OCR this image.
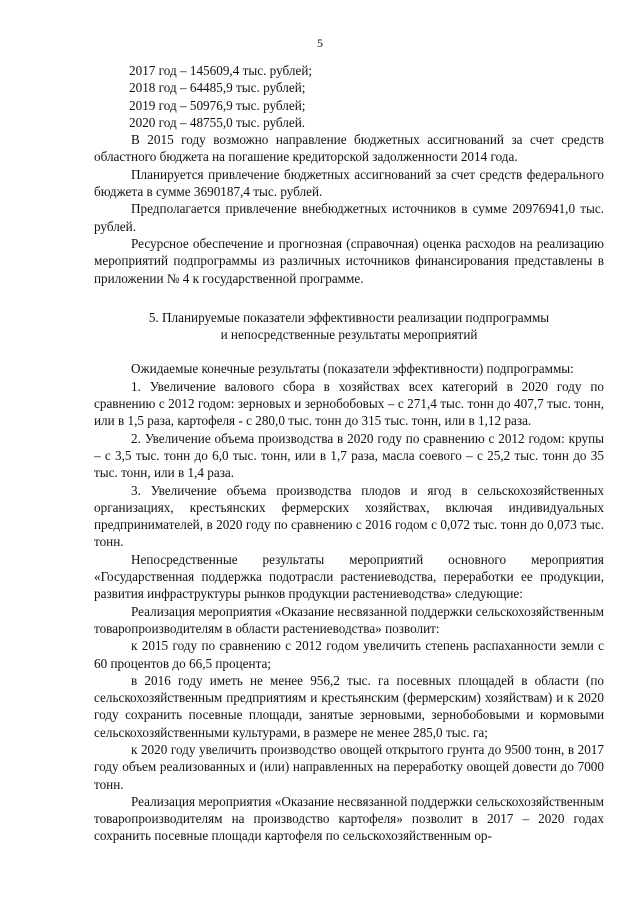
5
2017 год – 145609,4 тыс. рублей;
2018 год – 64485,9 тыс. рублей;
2019 год – 50976,9 тыс. рублей;
2020 год – 48755,0 тыс. рублей.

В 2015 году возможно направление бюджетных ассигнований за счет средств областного бюджета на погашение кредиторской задолженности 2014 года.

Планируется привлечение бюджетных ассигнований за счет средств федерального бюджета в сумме 3690187,4 тыс. рублей.

Предполагается привлечение внебюджетных источников в сумме 20976941,0 тыс. рублей.

Ресурсное обеспечение и прогнозная (справочная) оценка расходов на реализацию мероприятий подпрограммы из различных источников финансирования представлены в приложении № 4 к государственной программе.

5. Планируемые показатели эффективности реализации подпрограммы
и непосредственные результаты мероприятий

Ожидаемые конечные результаты (показатели эффективности) подпрограммы:

1. Увеличение валового сбора в хозяйствах всех категорий в 2020 году по сравнению с 2012 годом: зерновых и зернобобовых – с 271,4 тыс. тонн до 407,7 тыс. тонн, или в 1,5 раза, картофеля - с 280,0 тыс. тонн до 315 тыс. тонн, или в 1,12 раза.

2. Увеличение объема производства в 2020 году по сравнению с 2012 годом: крупы – с 3,5 тыс. тонн до 6,0 тыс. тонн, или в 1,7 раза, масла соевого – с 25,2 тыс. тонн до 35 тыс. тонн, или в 1,4 раза.

3. Увеличение объема производства плодов и ягод в сельскохозяйственных организациях, крестьянских фермерских хозяйствах, включая индивидуальных предпринимателей, в 2020 году по сравнению с 2016 годом с 0,072 тыс. тонн до 0,073 тыс. тонн.

Непосредственные результаты мероприятий основного мероприятия «Государственная поддержка подотрасли растениеводства, переработки ее продукции, развития инфраструктуры рынков продукции растениеводства» следующие:

Реализация мероприятия «Оказание несвязанной поддержки сельскохозяйственным товаропроизводителям в области растениеводства» позволит:

к 2015 году по сравнению с 2012 годом увеличить степень распаханности земли с 60 процентов до 66,5 процента;

в 2016 году иметь не менее 956,2 тыс. га посевных площадей в области (по сельскохозяйственным предприятиям и крестьянским (фермерским) хозяйствам) и к 2020 году сохранить посевные площади, занятые зерновыми, зернобобовыми и кормовыми сельскохозяйственными культурами, в размере не менее 285,0 тыс. га;

к 2020 году увеличить производство овощей открытого грунта до 9500 тонн, в 2017 году объем реализованных и (или) направленных на переработку овощей довести до 7000 тонн.

Реализация мероприятия «Оказание несвязанной поддержки сельскохозяйственным товаропроизводителям на производство картофеля» позволит в 2017 – 2020 годах сохранить посевные площади картофеля по сельскохозяйственным ор-
